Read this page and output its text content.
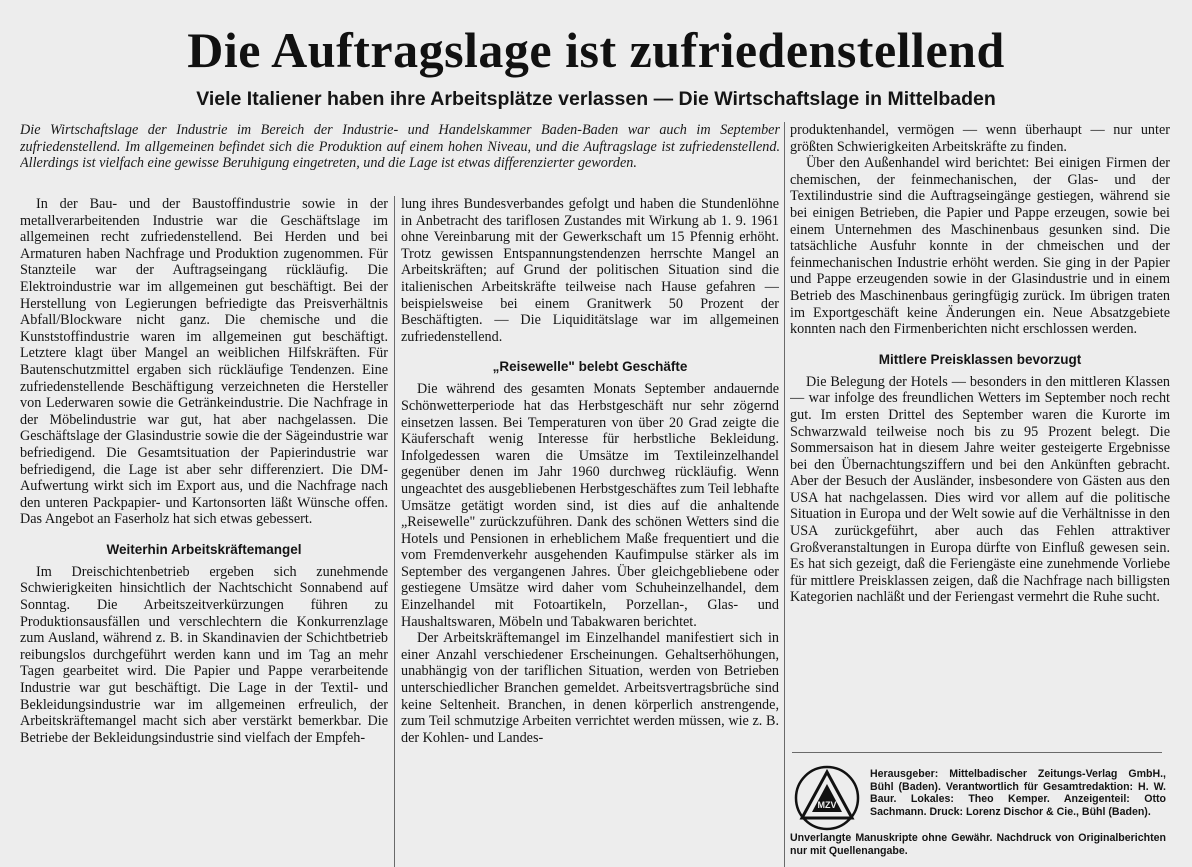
Die Auftragslage ist zufriedenstellend
Viele Italiener haben ihre Arbeitsplätze verlassen — Die Wirtschaftslage in Mittelbaden
Die Wirtschaftslage der Industrie im Bereich der Industrie- und Handelskammer Baden-Baden war auch im September zufriedenstellend. Im allgemeinen befindet sich die Produktion auf einem hohen Niveau, und die Auftragslage ist zufriedenstellend. Allerdings ist vielfach eine gewisse Beruhigung eingetreten, und die Lage ist etwas differenzierter geworden.

In der Bau- und der Baustoffindustrie sowie in der metallverarbeitenden Industrie war die Geschäftslage im allgemeinen recht zufriedenstellend. Bei Herden und bei Armaturen haben Nachfrage und Produktion zugenommen. Für Stanzteile war der Auftragseingang rückläufig. Die Elektroindustrie war im allgemeinen gut beschäftigt. Bei der Herstellung von Legierungen befriedigte das Preisverhältnis Abfall/Blockware nicht ganz. Die chemische und die Kunststoffindustrie waren im allgemeinen gut beschäftigt. Letztere klagt über Mangel an weiblichen Hilfskräften. Für Bautenschutzmittel ergaben sich rückläufige Tendenzen. Eine zufriedenstellende Beschäftigung verzeichneten die Hersteller von Lederwaren sowie die Getränkeindustrie. Die Nachfrage in der Möbelindustrie war gut, hat aber nachgelassen. Die Geschäftslage der Glasindustrie sowie die der Sägeindustrie war befriedigend. Die Gesamtsituation der Papierindustrie war befriedigend, die Lage ist aber sehr differenziert. Die DM-Aufwertung wirkt sich im Export aus, und die Nachfrage nach den unteren Packpapier- und Kartonsorten läßt Wünsche offen. Das Angebot an Faserholz hat sich etwas gebessert.

Weiterhin Arbeitskräftemangel

Im Dreischichtenbetrieb ergeben sich zunehmende Schwierigkeiten hinsichtlich der Nachtschicht Sonnabend auf Sonntag. Die Arbeitszeitverkürzungen führen zu Produktionsausfällen und verschlechtern die Konkurrenzlage zum Ausland, während z. B. in Skandinavien der Schichtbetrieb reibungslos durchgeführt werden kann und im Tag an mehr Tagen gearbeitet wird. Die Papier und Pappe verarbeitende Industrie war gut beschäftigt. Die Lage in der Textil- und Bekleidungsindustrie war im allgemeinen erfreulich, der Arbeitskräftemangel macht sich aber verstärkt bemerkbar. Die Betriebe der Bekleidungsindustrie sind vielfach der Empfeh-

lung ihres Bundesverbandes gefolgt und haben die Stundenlöhne in Anbetracht des tariflosen Zustandes mit Wirkung ab 1. 9. 1961 ohne Vereinbarung mit der Gewerkschaft um 15 Pfennig erhöht. Trotz gewissen Entspannungstendenzen herrschte Mangel an Arbeitskräften; auf Grund der politischen Situation sind die italienischen Arbeitskräfte teilweise nach Hause gefahren — beispielsweise bei einem Granitwerk 50 Prozent der Beschäftigten. — Die Liquiditätslage war im allgemeinen zufriedenstellend.

„Reisewelle" belebt Geschäfte

Die während des gesamten Monats September andauernde Schönwetterperiode hat das Herbstgeschäft nur sehr zögernd einsetzen lassen. Bei Temperaturen von über 20 Grad zeigte die Käuferschaft wenig Interesse für herbstliche Bekleidung. Infolgedessen waren die Umsätze im Textileinzelhandel gegenüber denen im Jahr 1960 durchweg rückläufig. Wenn ungeachtet des ausgebliebenen Herbstgeschäftes zum Teil lebhafte Umsätze getätigt worden sind, ist dies auf die anhaltende „Reisewelle" zurückzuführen. Dank des schönen Wetters sind die Hotels und Pensionen in erheblichem Maße frequentiert und die vom Fremdenverkehr ausgehenden Kaufimpulse stärker als im September des vergangenen Jahres. Über gleichgebliebene oder gestiegene Umsätze wird daher vom Schuheinzelhandel, dem Einzelhandel mit Fotoartikeln, Porzellan-, Glas- und Haushaltswaren, Möbeln und Tabakwaren berichtet.

Der Arbeitskräftemangel im Einzelhandel manifestiert sich in einer Anzahl verschiedener Erscheinungen. Gehaltserhöhungen, unabhängig von der tariflichen Situation, werden von Betrieben unterschiedlicher Branchen gemeldet. Arbeitsvertragsbrüche sind keine Seltenheit. Branchen, in denen körperlich anstrengende, zum Teil schmutzige Arbeiten verrichtet werden müssen, wie z. B. der Kohlen- und Landes-

produktenhandel, vermögen — wenn überhaupt — nur unter größten Schwierigkeiten Arbeitskräfte zu finden.

Über den Außenhandel wird berichtet: Bei einigen Firmen der chemischen, der feinmechanischen, der Glas- und der Textilindustrie sind die Auftragseingänge gestiegen, während sie bei einigen Betrieben, die Papier und Pappe erzeugen, sowie bei einem Unternehmen des Maschinenbaus gesunken sind. Die tatsächliche Ausfuhr konnte in der chmeischen und der feinmechanischen Industrie erhöht werden. Sie ging in der Papier und Pappe erzeugenden sowie in der Glasindustrie und in einem Betrieb des Maschinenbaus geringfügig zurück. Im übrigen traten im Exportgeschäft keine Änderungen ein. Neue Absatzgebiete konnten nach den Firmenberichten nicht erschlossen werden.

Mittlere Preisklassen bevorzugt

Die Belegung der Hotels — besonders in den mittleren Klassen — war infolge des freundlichen Wetters im September noch recht gut. Im ersten Drittel des September waren die Kurorte im Schwarzwald teilweise noch bis zu 95 Prozent belegt. Die Sommersaison hat in diesem Jahre weiter gesteigerte Ergebnisse bei den Übernachtungsziffern und bei den Ankünften gebracht. Aber der Besuch der Ausländer, insbesondere von Gästen aus den USA hat nachgelassen. Dies wird vor allem auf die politische Situation in Europa und der Welt sowie auf die Verhältnisse in den USA zurückgeführt, aber auch das Fehlen attraktiver Großveranstaltungen in Europa dürfte von Einfluß gewesen sein. Es hat sich gezeigt, daß die Feriengäste eine zunehmende Vorliebe für mittlere Preisklassen zeigen, daß die Nachfrage nach billigsten Kategorien nachläßt und der Feriengast vermehrt die Ruhe sucht.

MZV
Herausgeber: Mittelbadischer Zeitungs-Verlag GmbH., Bühl (Baden). Verantwortlich für Gesamtredaktion: H. W. Baur. Lokales: Theo Kemper. Anzeigenteil: Otto Sachmann. Druck: Lorenz Dischor & Cie., Bühl (Baden).
Unverlangte Manuskripte ohne Gewähr. Nachdruck von Originalberichten nur mit Quellenangabe.
